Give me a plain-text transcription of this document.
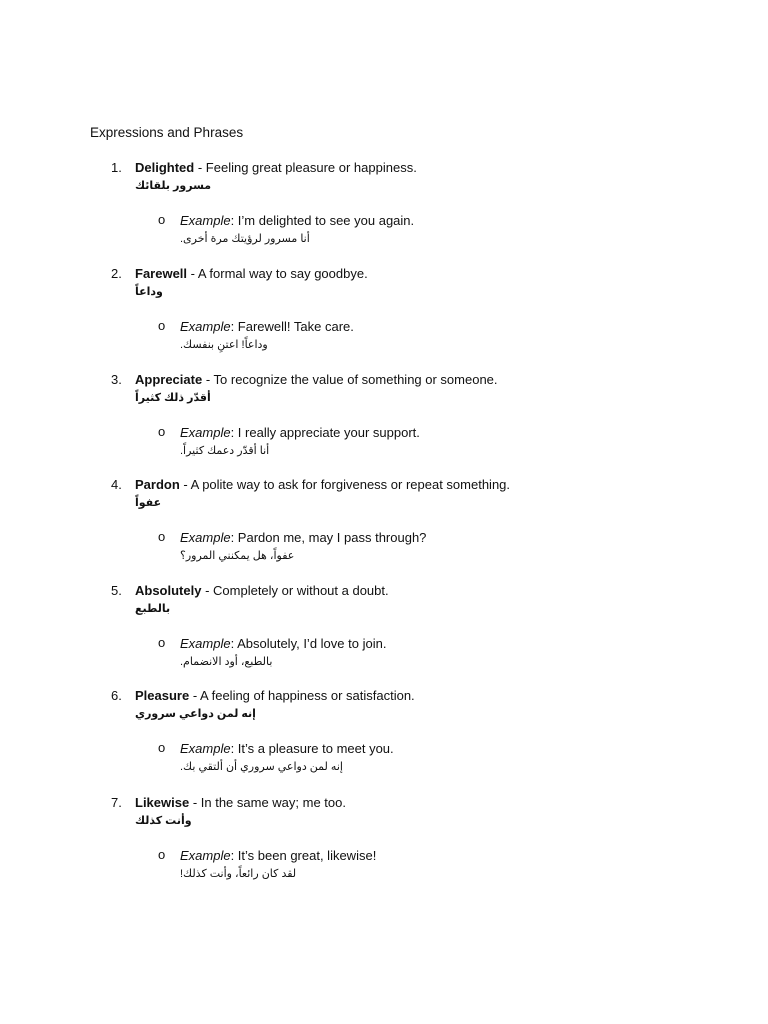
Expressions and Phrases
1.	Delighted - Feeling great pleasure or happiness.
مسرور بلقائك
o Example: I’m delighted to see you again.
أنا مسرور لرؤيتك مرة أخرى.
2.	Farewell - A formal way to say goodbye.
وداعاً
o Example: Farewell! Take care.
وداعاً! اعتنِ بنفسك.
3.	Appreciate - To recognize the value of something or someone.
أقدّر ذلك كثيراً
o Example: I really appreciate your support.
أنا أقدّر دعمك كثيراً.
4.	Pardon - A polite way to ask for forgiveness or repeat something.
عفواً
o Example: Pardon me, may I pass through?
عفواً، هل يمكنني المرور؟
5.	Absolutely - Completely or without a doubt.
بالطبع
o Example: Absolutely, I’d love to join.
بالطبع، أود الانضمام.
6.	Pleasure - A feeling of happiness or satisfaction.
إنه لمن دواعي سروري
o Example: It’s a pleasure to meet you.
إنه لمن دواعي سروري أن ألتقي بك.
7.	Likewise - In the same way; me too.
وأنت كذلك
o Example: It’s been great, likewise!
لقد كان رائعاً، وأنت كذلك!
